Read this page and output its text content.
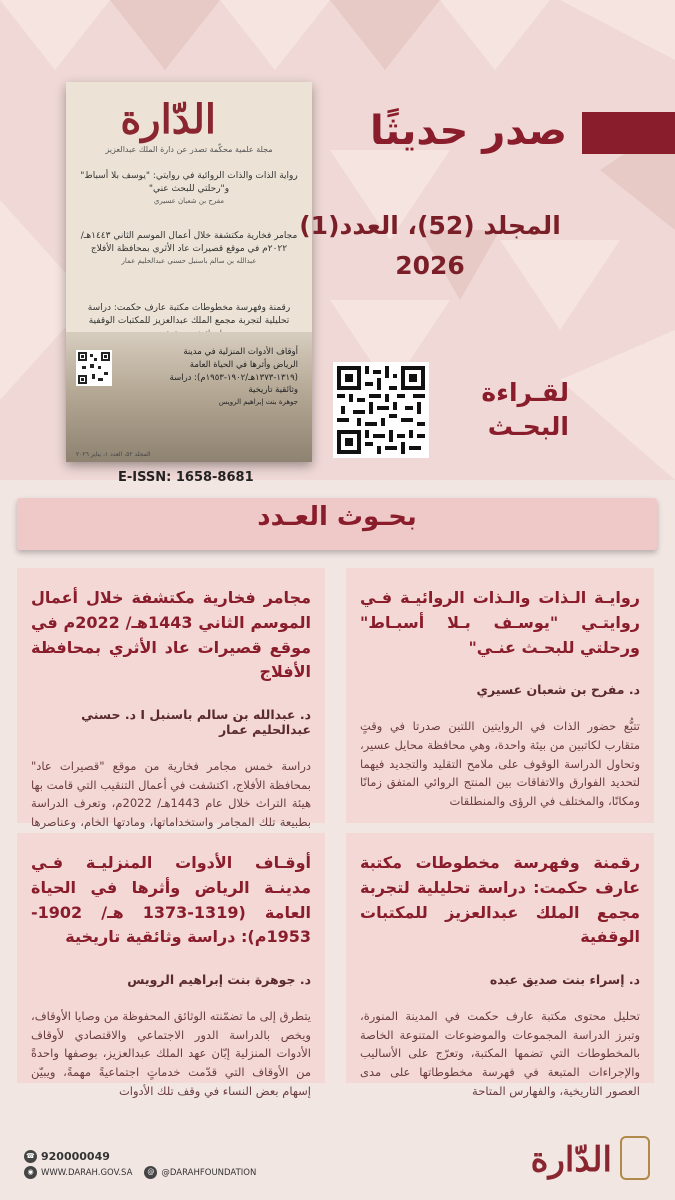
الدّارة
مجلة علمية محكّمة تصدر عن دارة الملك عبدالعزيز
رواية الذات والذات الروائية في روايتي: "يوسف بلا أسباط" و"رحلتي للبحث عني"
مفرح بن شعبان عسيري
مجامر فخارية مكتشفة خلال أعمال الموسم الثاني ١٤٤٣هـ/٢٠٢٢م في موقع قصيرات عاد الأثري بمحافظة الأفلاج
عبدالله بن سالم باسنبل حسني عبدالحليم عمار
رقمنة وفهرسة مخطوطات مكتبة عارف حكمت: دراسة تحليلية لتجربة مجمع الملك عبدالعزيز للمكتبات الوقفية
أوقاف الأدوات المنزلية في مدينة الرياض وأثرها في الحياة العامة (١٣١٩-١٣٧٣هـ/١٩٠٢-١٩٥٣م): دراسة وثائقية تاريخية
جوهرة بنت إبراهيم الرويس
المجلد ٥٢، العدد ١، يناير ٢٠٢٦
صدر حديثًا
المجلد (52)، العدد(1)
2026
لقـراءة
البحـث
E-ISSN: 1658-8681
بحـوث العـدد
روايـة الـذات والـذات الروائيـة فـي روايتـي "يوسـف بـلا أسبـاط" ورحلتي للبحـث عنـي"
د. مفرح بن شعبان عسيري

تتبُّع حضور الذات في الروايتين اللتين صدرتا في وقتٍ متقارب لكاتبين من بيئة واحدة، وهي محافظة محايل عسير، وتحاول الدراسة الوقوف على ملامح التقليد والتجديد فيهما لتحديد الفوارق والاتفاقات بين المنتج الروائي المتفق زمانًا ومكانًا، والمختلف في الرؤى والمنطلقات

مجامر فخارية مكتشفة خلال أعمال الموسم الثاني 1443هـ/ 2022م في موقع قصيرات عاد الأثري بمحافظة الأفلاج
د. عبدالله بن سالم باسنبل I د. حسني عبدالحليم عمار

دراسة خمس مجامر فخارية من موقع "قصيرات عاد" بمحافظة الأفلاج، اكتشفت في أعمال التنقيب التي قامت بها هيئة التراث خلال عام 1443هـ/ 2022م، وتعرف الدراسة بطبيعة تلك المجامر واستخداماتها، ومادتها الخام، وعناصرها

رقمنة وفهرسة مخطوطات مكتبة عارف حكمت: دراسة تحليلية لتجربة مجمع الملك عبدالعزيز للمكتبات الوقفية
د. إسراء بنت صديق عبده

تحليل محتوى مكتبة عارف حكمت في المدينة المنورة، وتبرز الدراسة المجموعات والموضوعات المتنوعة الخاصة بالمخطوطات التي تضمها المكتبة، وتعرّج على الأساليب والإجراءات المتبعة في فهرسة مخطوطاتها على مدى العصور التاريخية، والفهارس المتاحة

أوقـاف الأدوات المنزليـة فـي مدينـة الرياض وأثرها في الحياة العامة (1319-1373 هـ/ 1902-1953م): دراسة وثائقية تاريخية
د. جوهرة بنت إبراهيم الرويس

يتطرق إلى ما تضمّنته الوثائق المحفوظة من وصايا الأوقاف، ويخص بالدراسة الدور الاجتماعي والاقتصادي لأوقاف الأدوات المنزلية إبّان عهد الملك عبدالعزيز، بوصفها واحدةً من الأوقاف التي قدّمت خدماتٍ اجتماعيةً مهمةً، ويبيّن إسهام بعض النساء في وقف تلك الأدوات

☎ 920000049
◉ WWW.DARAH.GOV.SA	@ @DARAHFOUNDATION	الدّارة
